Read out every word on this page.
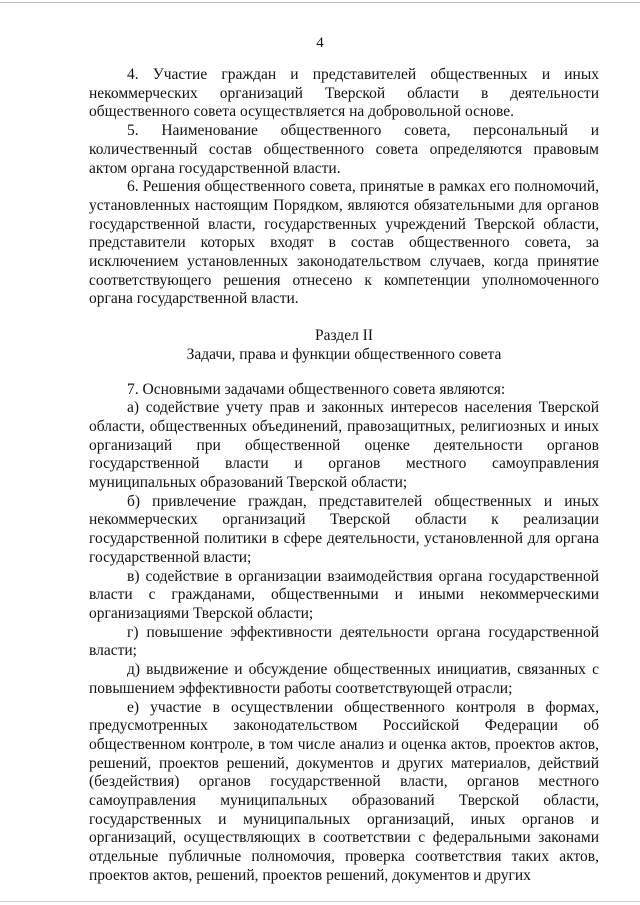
4

4. Участие граждан и представителей общественных и иных некоммерческих организаций Тверской области в деятельности общественного совета осуществляется на добровольной основе.

5. Наименование общественного совета, персональный и количественный состав общественного совета определяются правовым актом органа государственной власти.

6. Решения общественного совета, принятые в рамках его полномочий, установленных настоящим Порядком, являются обязательными для органов государственной власти, государственных учреждений Тверской области, представители которых входят в состав общественного совета, за исключением установленных законодательством случаев, когда принятие соответствующего решения отнесено к компетенции уполномоченного органа государственной власти.

Раздел II

Задачи, права и функции общественного совета

7. Основными задачами общественного совета являются:

а) содействие учету прав и законных интересов населения Тверской области, общественных объединений, правозащитных, религиозных и иных организаций при общественной оценке деятельности органов государственной власти и органов местного самоуправления муниципальных образований Тверской области;

б) привлечение граждан, представителей общественных и иных некоммерческих организаций Тверской области к реализации государственной политики в сфере деятельности, установленной для органа государственной власти;

в) содействие в организации взаимодействия органа государственной власти с гражданами, общественными и иными некоммерческими организациями Тверской области;

г) повышение эффективности деятельности органа государственной власти;

д) выдвижение и обсуждение общественных инициатив, связанных с повышением эффективности работы соответствующей отрасли;

е) участие в осуществлении общественного контроля в формах, предусмотренных законодательством Российской Федерации об общественном контроле, в том числе анализ и оценка актов, проектов актов, решений, проектов решений, документов и других материалов, действий (бездействия) органов государственной власти, органов местного самоуправления муниципальных образований Тверской области, государственных и муниципальных организаций, иных органов и организаций, осуществляющих в соответствии с федеральными законами отдельные публичные полномочия, проверка соответствия таких актов, проектов актов, решений, проектов решений, документов и других
